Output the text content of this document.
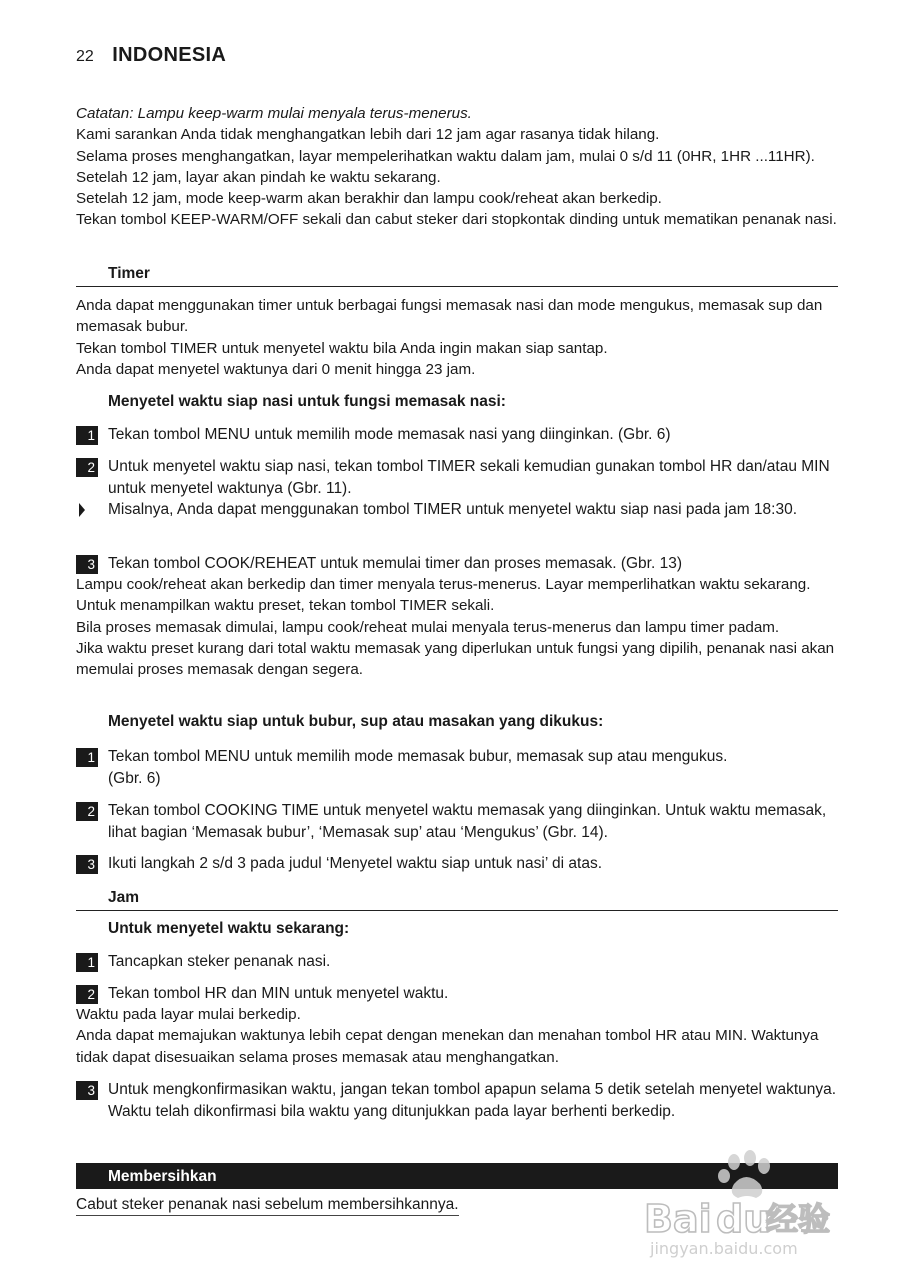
22 INDONESIA

Catatan: Lampu keep-warm mulai menyala terus-menerus.

Kami sarankan Anda tidak menghangatkan lebih dari 12 jam agar rasanya tidak hilang.

Selama proses menghangatkan, layar mempelerihatkan waktu dalam jam, mulai 0 s/d 11 (0HR, 1HR ...11HR). Setelah 12 jam, layar akan pindah ke waktu sekarang.

Setelah 12 jam, mode keep-warm akan berakhir dan lampu cook/reheat akan berkedip.

Tekan tombol KEEP-WARM/OFF sekali dan cabut steker dari stopkontak dinding untuk mematikan penanak nasi.

Timer

Anda dapat menggunakan timer untuk berbagai fungsi memasak nasi dan mode mengukus, memasak sup dan memasak bubur.

Tekan tombol TIMER untuk menyetel waktu bila Anda ingin makan siap santap.

Anda dapat menyetel waktunya dari 0 menit hingga 23 jam.

Menyetel waktu siap nasi untuk fungsi memasak nasi:
1 Tekan tombol MENU untuk memilih mode memasak nasi yang diinginkan. (Gbr. 6)
2 Untuk menyetel waktu siap nasi, tekan tombol TIMER sekali kemudian gunakan tombol HR dan/atau MIN untuk menyetel waktunya (Gbr. 11).
Misalnya, Anda dapat menggunakan tombol TIMER untuk menyetel waktu siap nasi pada jam 18:30.
3 Tekan tombol COOK/REHEAT untuk memulai timer dan proses memasak. (Gbr. 13)

Lampu cook/reheat akan berkedip dan timer menyala terus-menerus. Layar memperlihatkan waktu sekarang. Untuk menampilkan waktu preset, tekan tombol TIMER sekali.

Bila proses memasak dimulai, lampu cook/reheat mulai menyala terus-menerus dan lampu timer padam.

Jika waktu preset kurang dari total waktu memasak yang diperlukan untuk fungsi yang dipilih, penanak nasi akan memulai proses memasak dengan segera.

Menyetel waktu siap untuk bubur, sup atau masakan yang dikukus:
1 Tekan tombol MENU untuk memilih mode memasak bubur, memasak sup atau mengukus. (Gbr. 6)
2 Tekan tombol COOKING TIME untuk menyetel waktu memasak yang diinginkan. Untuk waktu memasak, lihat bagian ‘Memasak bubur’, ‘Memasak sup’ atau ‘Mengukus’ (Gbr. 14).
3 Ikuti langkah 2 s/d 3 pada judul ‘Menyetel waktu siap untuk nasi’ di atas.
Jam
Untuk menyetel waktu sekarang:
1 Tancapkan steker penanak nasi.
2 Tekan tombol HR dan MIN untuk menyetel waktu.

Waktu pada layar mulai berkedip.

Anda dapat memajukan waktunya lebih cepat dengan menekan dan menahan tombol HR atau MIN. Waktunya tidak dapat disesuaikan selama proses memasak atau menghangatkan.

3 Untuk mengkonfirmasikan waktu, jangan tekan tombol apapun selama 5 detik setelah menyetel waktunya. Waktu telah dikonfirmasi bila waktu yang ditunjukkan pada layar berhenti berkedip.
Membersihkan
Cabut steker penanak nasi sebelum membersihkannya.	Bai du
经验
jingyan.baidu.com
